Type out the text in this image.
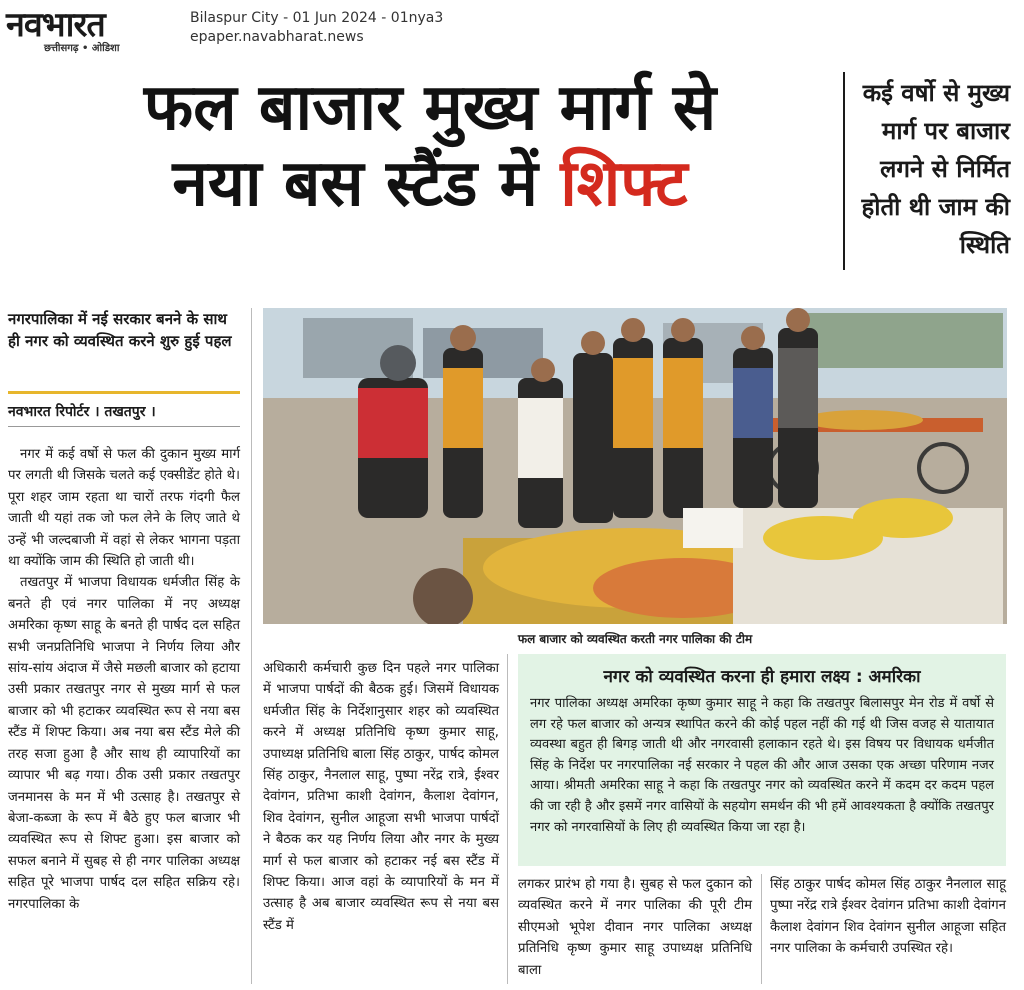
नवभारत
छत्तीसगढ़ • ओडिशा
Bilaspur City - 01 Jun 2024 - 01nya3
epaper.navabharat.news
फल बाजार मुख्य मार्ग से
नया बस स्टैंड में शिफ्ट
कई वर्षो से मुख्य मार्ग पर बाजार लगने से निर्मित होती थी जाम की स्थिति
नगरपालिका में नई सरकार बनने के साथ ही नगर को व्यवस्थित करने शुरु हुई पहल
नवभारत रिपोर्टर । तखतपुर ।

नगर में कई वर्षो से फल की दुकान मुख्य मार्ग पर लगती थी जिसके चलते कई एक्सीडेंट होते थे। पूरा शहर जाम रहता था चारों तरफ गंदगी फैल जाती थी यहां तक जो फल लेने के लिए जाते थे उन्हें भी जल्दबाजी में वहां से लेकर भागना पड़ता था क्योंकि जाम की स्थिति हो जाती थी।

तखतपुर में भाजपा विधायक धर्मजीत सिंह के बनते ही एवं नगर पालिका में नए अध्यक्ष अमरिका कृष्ण साहू के बनते ही पार्षद दल सहित सभी जनप्रतिनिधि भाजपा ने निर्णय लिया और सांय-सांय अंदाज में जैसे मछली बाजार को हटाया उसी प्रकार तखतपुर नगर से मुख्य मार्ग से फल बाजार को भी हटाकर व्यवस्थित रूप से नया बस स्टैंड में शिफ्ट किया। अब नया बस स्टैंड मेले की तरह सजा हुआ है और साथ ही व्यापारियों का व्यापार भी बढ़ गया। ठीक उसी प्रकार तखतपुर जनमानस के मन में भी उत्साह है। तखतपुर से बेजा-कब्जा के रूप में बैठे हुए फल बाजार भी व्यवस्थित रूप से शिफ्ट हुआ। इस बाजार को सफल बनाने में सुबह से ही नगर पालिका अध्यक्ष सहित पूरे भाजपा पार्षद दल सहित सक्रिय रहे। नगरपालिका के

फल बाजार को व्यवस्थित करती नगर पालिका की टीम

अधिकारी कर्मचारी कुछ दिन पहले नगर पालिका में भाजपा पार्षदों की बैठक हुई। जिसमें विधायक धर्मजीत सिंह के निर्देशानुसार शहर को व्यवस्थित करने में अध्यक्ष प्रतिनिधि कृष्ण कुमार साहू, उपाध्यक्ष प्रतिनिधि बाला सिंह ठाकुर, पार्षद कोमल सिंह ठाकुर, नैनलाल साहू, पुष्पा नरेंद्र रात्रे, ईश्वर देवांगन, प्रतिभा काशी देवांगन, कैलाश देवांगन, शिव देवांगन, सुनील आहूजा सभी भाजपा पार्षदों ने बैठक कर यह निर्णय लिया और नगर के मुख्य मार्ग से फल बाजार को हटाकर नई बस स्टैंड में शिफ्ट किया। आज वहां के व्यापारियों के मन में उत्साह है अब बाजार व्यवस्थित रूप से नया बस स्टैंड में

नगर को व्यवस्थित करना ही हमारा लक्ष्य : अमरिका
नगर पालिका अध्यक्ष अमरिका कृष्ण कुमार साहू ने कहा कि तखतपुर बिलासपुर मेन रोड में वर्षो से लग रहे फल बाजार को अन्यत्र स्थापित करने की कोई पहल नहीं की गई थी जिस वजह से यातायात व्यवस्था बहुत ही बिगड़ जाती थी और नगरवासी हलाकान रहते थे। इस विषय पर विधायक धर्मजीत सिंह के निर्देश पर नगरपालिका नई सरकार ने पहल की और आज उसका एक अच्छा परिणाम नजर आया। श्रीमती अमरिका साहू ने कहा कि तखतपुर नगर को व्यवस्थित करने में कदम दर कदम पहल की जा रही है और इसमें नगर वासियों के सहयोग समर्थन की भी हमें आवश्यकता है क्योंकि तखतपुर नगर को नगरवासियों के लिए ही व्यवस्थित किया जा रहा है।

लगकर प्रारंभ हो गया है। सुबह से फल दुकान को व्यवस्थित करने में नगर पालिका की पूरी टीम सीएमओ भूपेश दीवान नगर पालिका अध्यक्ष प्रतिनिधि कृष्ण कुमार साहू उपाध्यक्ष प्रतिनिधि बाला

सिंह ठाकुर पार्षद कोमल सिंह ठाकुर नैनलाल साहू पुष्पा नरेंद्र रात्रे ईश्वर देवांगन प्रतिभा काशी देवांगन कैलाश देवांगन शिव देवांगन सुनील आहूजा सहित नगर पालिका के कर्मचारी उपस्थित रहे।
